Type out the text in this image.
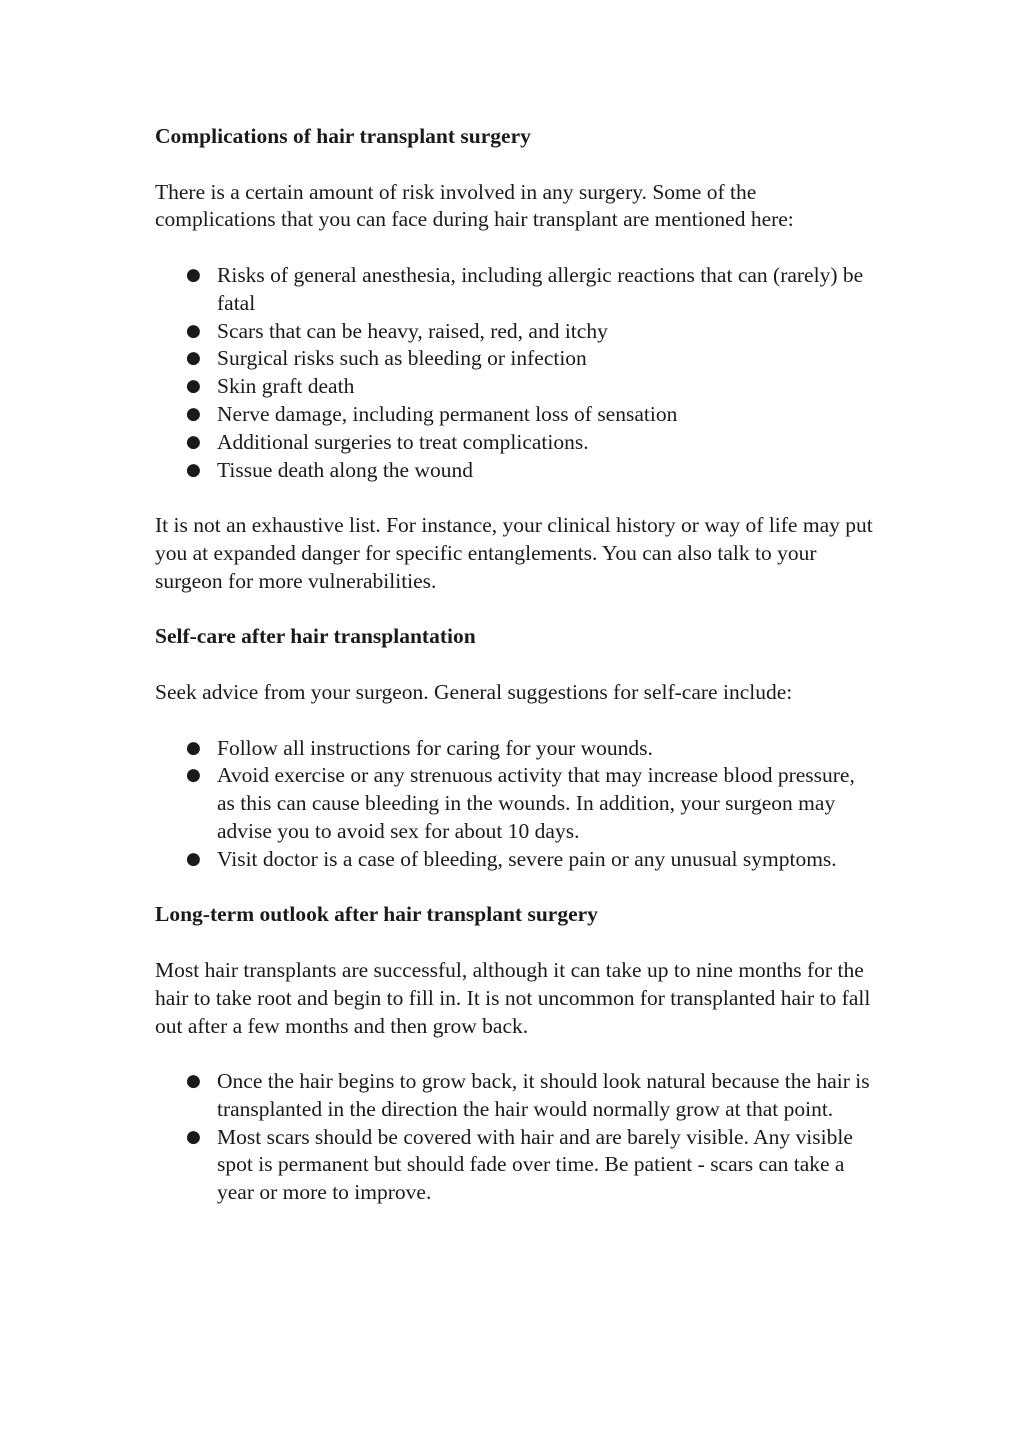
Complications of hair transplant surgery

There is a certain amount of risk involved in any surgery. Some of the complications that you can face during hair transplant are mentioned here:

● Risks of general anesthesia, including allergic reactions that can (rarely) be fatal
● Scars that can be heavy, raised, red, and itchy
● Surgical risks such as bleeding or infection
● Skin graft death
● Nerve damage, including permanent loss of sensation
● Additional surgeries to treat complications.
● Tissue death along the wound

It is not an exhaustive list. For instance, your clinical history or way of life may put you at expanded danger for specific entanglements. You can also talk to your surgeon for more vulnerabilities.

Self-care after hair transplantation

Seek advice from your surgeon. General suggestions for self-care include:

● Follow all instructions for caring for your wounds.
● Avoid exercise or any strenuous activity that may increase blood pressure, as this can cause bleeding in the wounds. In addition, your surgeon may advise you to avoid sex for about 10 days.
● Visit doctor is a case of bleeding, severe pain or any unusual symptoms.
Long-term outlook after hair transplant surgery

Most hair transplants are successful, although it can take up to nine months for the hair to take root and begin to fill in. It is not uncommon for transplanted hair to fall out after a few months and then grow back.

● Once the hair begins to grow back, it should look natural because the hair is transplanted in the direction the hair would normally grow at that point.
● Most scars should be covered with hair and are barely visible. Any visible spot is permanent but should fade over time. Be patient - scars can take a year or more to improve.
